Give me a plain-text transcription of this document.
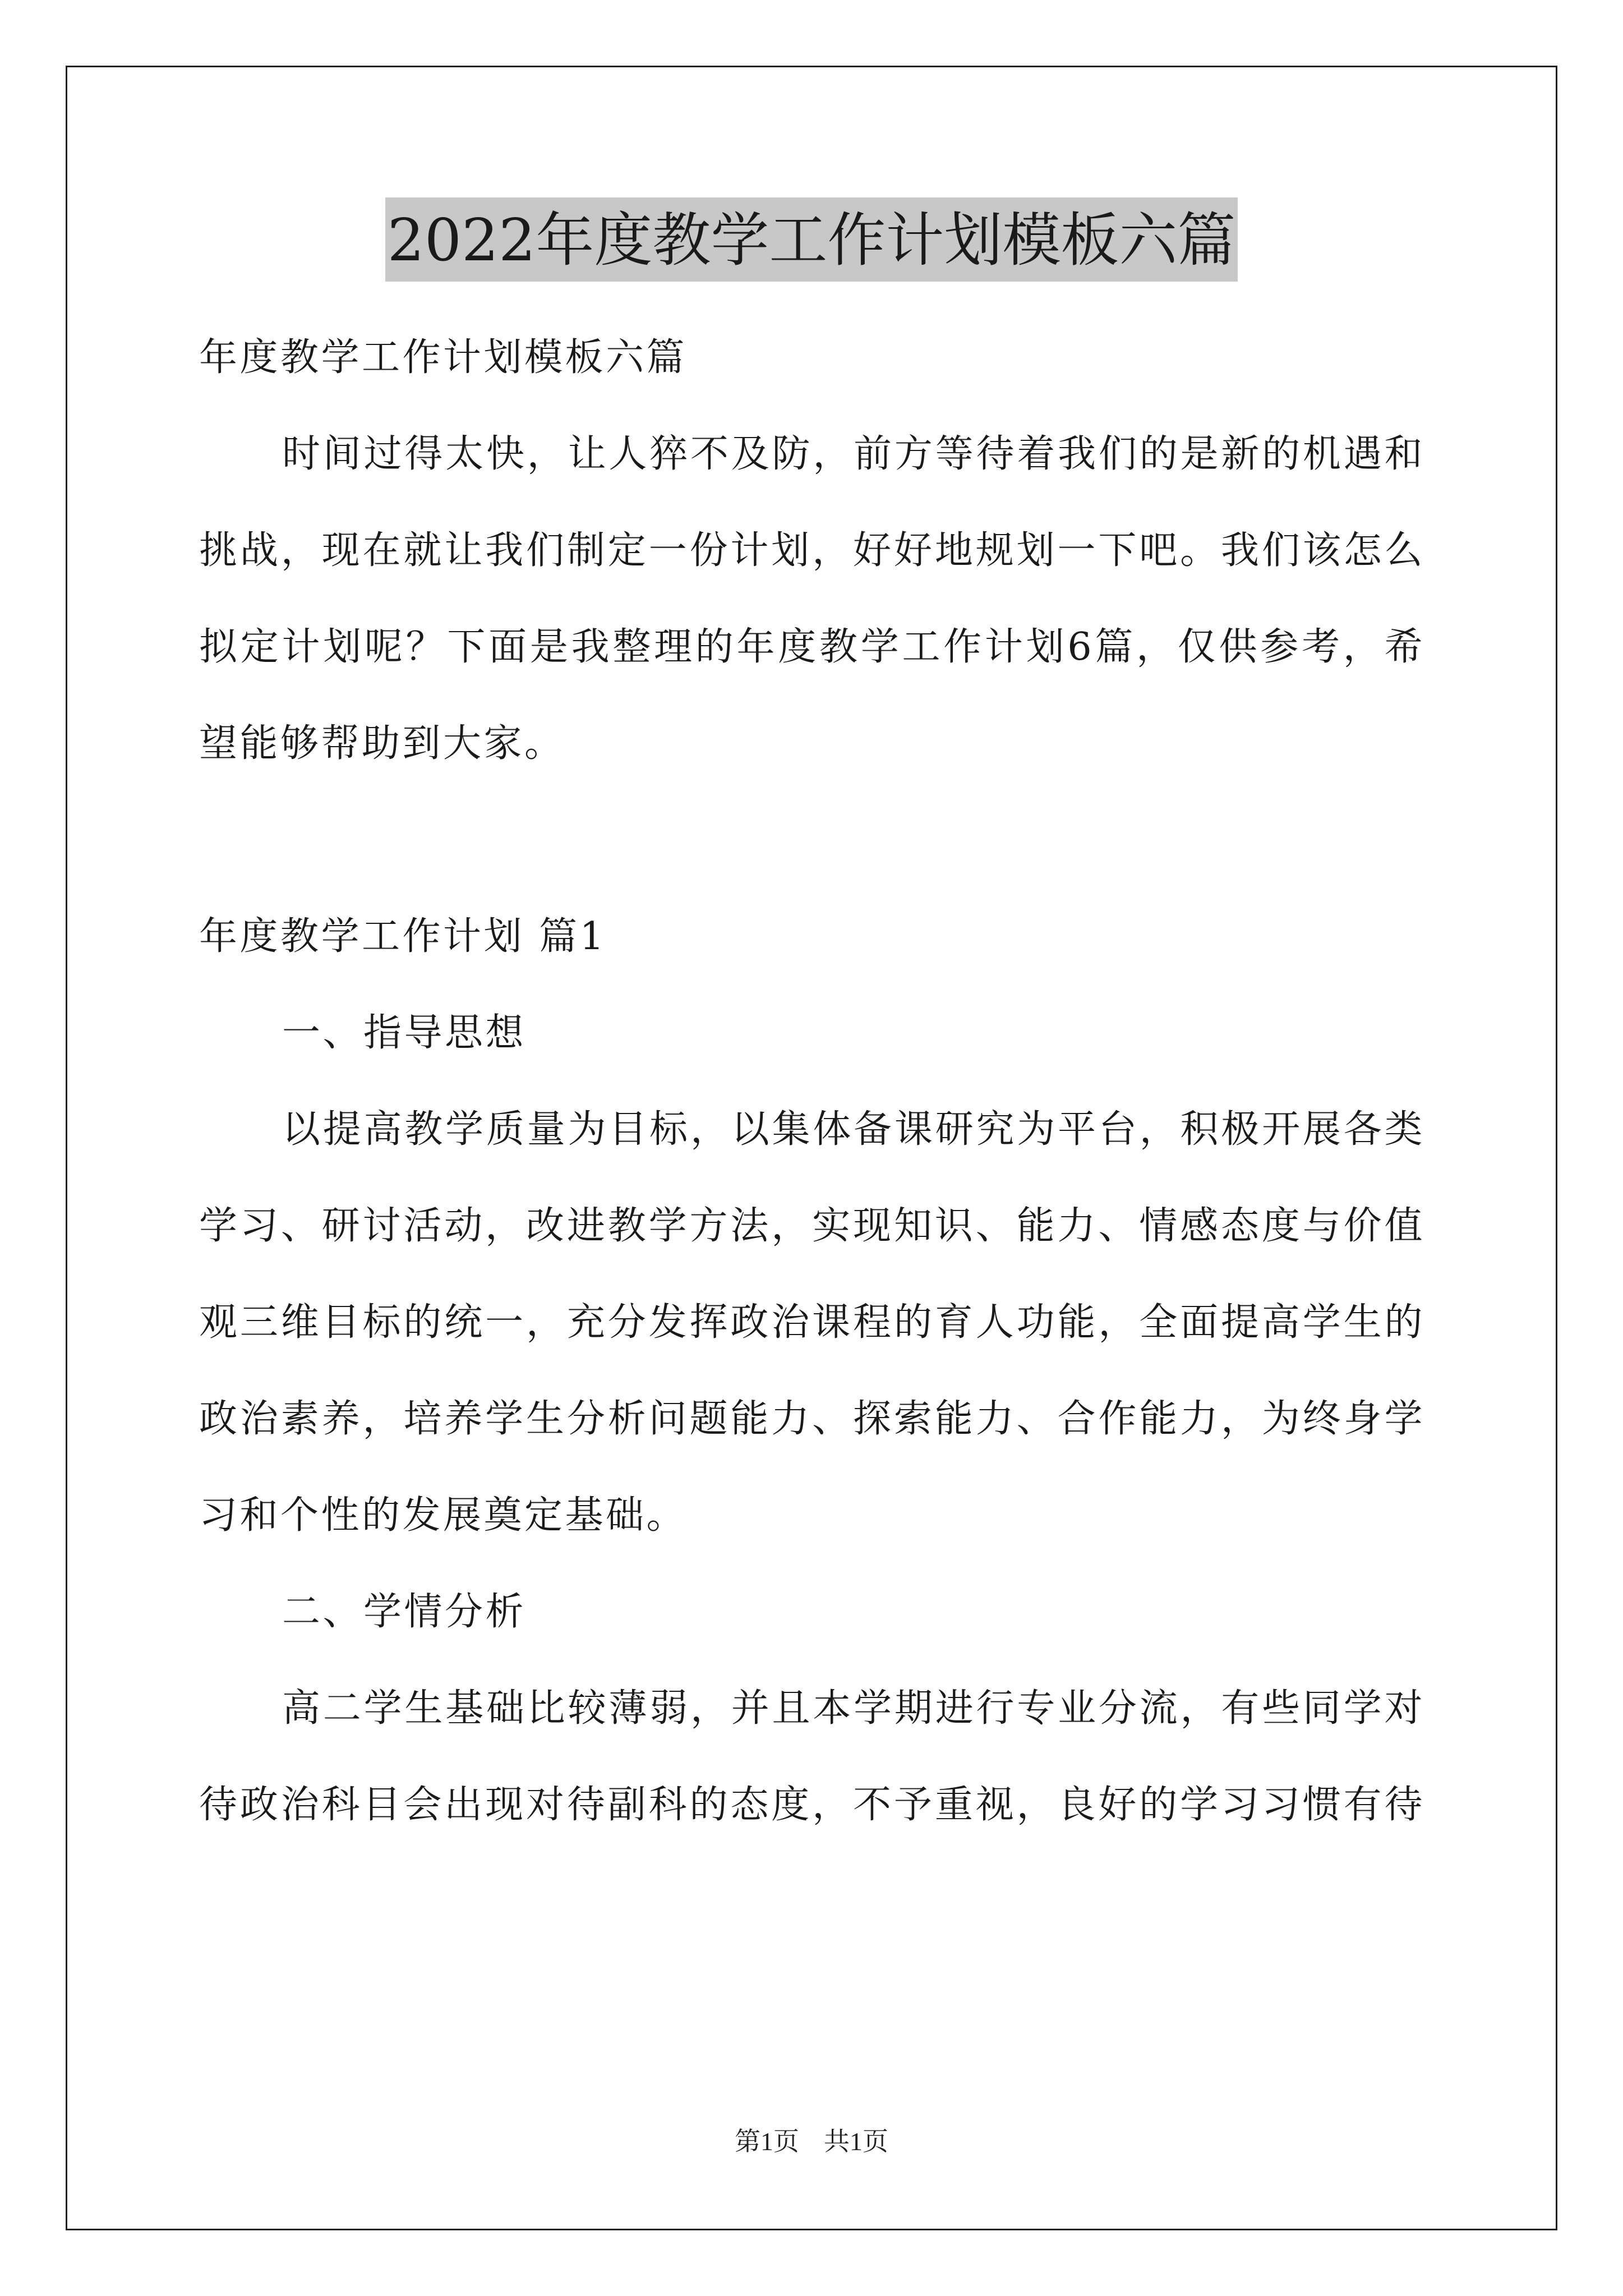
2022年度教学工作计划模板六篇
年度教学工作计划模板六篇
时间过得太快，让人猝不及防，前方等待着我们的是新的机遇和
挑战，现在就让我们制定一份计划，好好地规划一下吧。我们该怎么
拟定计划呢？下面是我整理的年度教学工作计划6篇，仅供参考，希
望能够帮助到大家。
年度教学工作计划 篇1
一、指导思想
以提高教学质量为目标，以集体备课研究为平台，积极开展各类
学习、研讨活动，改进教学方法，实现知识、能力、情感态度与价值
观三维目标的统一，充分发挥政治课程的育人功能，全面提高学生的
政治素养，培养学生分析问题能力、探索能力、合作能力，为终身学
习和个性的发展奠定基础。
二、学情分析
高二学生基础比较薄弱，并且本学期进行专业分流，有些同学对
待政治科目会出现对待副科的态度，不予重视，良好的学习习惯有待
第1页 共1页
